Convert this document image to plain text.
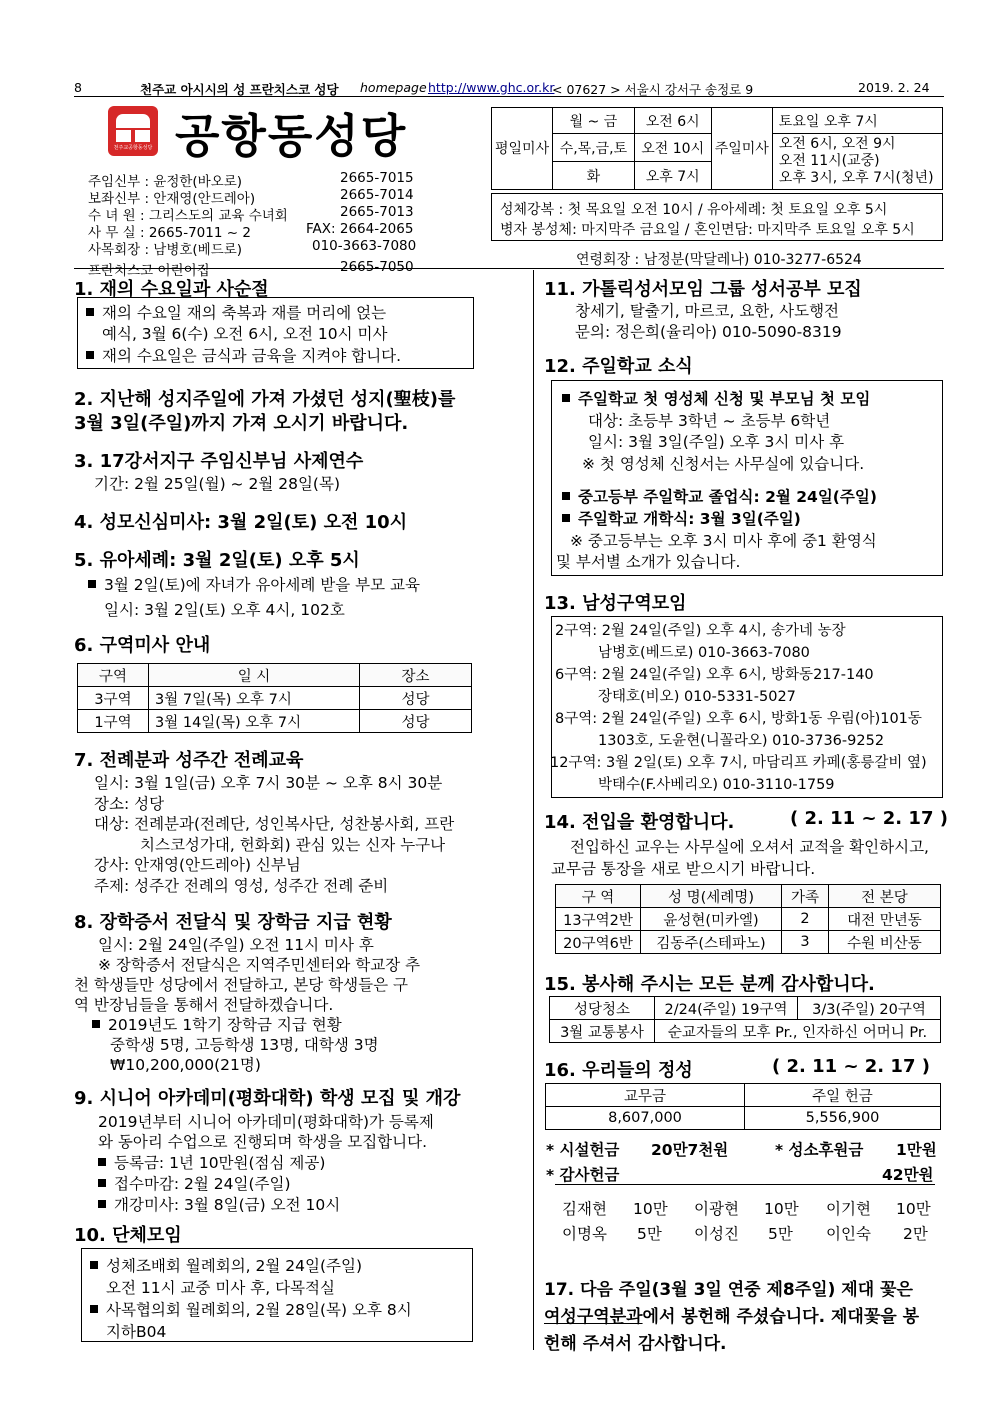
8	천주교 아시시의 성 프란치스코 성당 homepage http://www.ghc.or.kr
< 07627 > 서울시 강서구 송정로 9	2019. 2. 24
천주교공항동성당 공항동성당
주임신부 : 윤정한(바오로)	2665-7015
보좌신부 : 안재영(안드레아)	2665-7014
수 녀 원 : 그리스도의 교육 수녀회	2665-7013
사 무 실 : 2665-7011 ~ 2	FAX: 2664-2065
사목회장 : 남병호(베드로)	010-3663-7080
프란치스코 어린이집	2665-7050
평일미사	월 ~ 금	오전 6시	주일미사	토요일 오후 7시
	수,목,금,토	오전 10시		오전 6시, 오전 9시
오전 11시(교중)
오후 3시, 오후 7시(청년)

	화	오후 7시		
성체강복 : 첫 목요일 오전 10시 / 유아세례: 첫 토요일 오후 5시
병자 봉성체: 마지막주 금요일 / 혼인면담: 마지막주 토요일 오후 5시
연령회장 : 남정분(막달레나) 010-3277-6524
1. 재의 수요일과 사순절
재의 수요일 재의 축복과 재를 머리에 얹는
예식, 3월 6(수) 오전 6시, 오전 10시 미사
재의 수요일은 금식과 금육을 지켜야 합니다.
2. 지난해 성지주일에 가져 가셨던 성지(聖枝)를
3월 3일(주일)까지 가져 오시기 바랍니다.
3. 17강서지구 주임신부님 사제연수
기간: 2월 25일(월) ~ 2월 28일(목)
4. 성모신심미사: 3월 2일(토) 오전 10시
5. 유아세례: 3월 2일(토) 오후 5시
3월 2일(토)에 자녀가 유아세례 받을 부모 교육
일시: 3월 2일(토) 오후 4시, 102호
6. 구역미사 안내
구역	일 시	장소
3구역	3월 7일(목) 오후 7시	성당
1구역	3월 14일(목) 오후 7시	성당
7. 전례분과 성주간 전례교육
일시: 3월 1일(금) 오후 7시 30분 ~ 오후 8시 30분
장소: 성당
대상: 전례분과(전례단, 성인복사단, 성찬봉사회, 프란
치스코성가대, 헌화회) 관심 있는 신자 누구나
강사: 안재영(안드레아) 신부님
주제: 성주간 전례의 영성, 성주간 전례 준비
8. 장학증서 전달식 및 장학금 지급 현황
일시: 2월 24일(주일) 오전 11시 미사 후
※ 장학증서 전달식은 지역주민센터와 학교장 추
천 학생들만 성당에서 전달하고, 본당 학생들은 구
역 반장님들을 통해서 전달하겠습니다.
2019년도 1학기 장학금 지급 현황
중학생 5명, 고등학생 13명, 대학생 3명
₩10,200,000(21명)
9. 시니어 아카데미(평화대학) 학생 모집 및 개강
2019년부터 시니어 아카데미(평화대학)가 등록제
와 동아리 수업으로 진행되며 학생을 모집합니다.
등록금: 1년 10만원(점심 제공)
접수마감: 2월 24일(주일)
개강미사: 3월 8일(금) 오전 10시
10. 단체모임
성체조배회 월례회의, 2월 24일(주일)
오전 11시 교중 미사 후, 다목적실
사목협의회 월례회의, 2월 28일(목) 오후 8시
지하B04
11. 가톨릭성서모임 그룹 성서공부 모집
창세기, 탈출기, 마르코, 요한, 사도행전
문의: 정은희(율리아) 010-5090-8319
12. 주일학교 소식
주일학교 첫 영성체 신청 및 부모님 첫 모임
대상: 초등부 3학년 ~ 초등부 6학년
일시: 3월 3일(주일) 오후 3시 미사 후
※ 첫 영성체 신청서는 사무실에 있습니다.
중고등부 주일학교 졸업식: 2월 24일(주일)
주일학교 개학식: 3월 3일(주일)
※ 중고등부는 오후 3시 미사 후에 중1 환영식
및 부서별 소개가 있습니다.
13. 남성구역모임
2구역: 2월 24일(주일) 오후 4시, 송가네 농장
남병호(베드로) 010-3663-7080
6구역: 2월 24일(주일) 오후 6시, 방화동217-140
장태호(비오) 010-5331-5027
8구역: 2월 24일(주일) 오후 6시, 방화1동 우림(아)101동
1303호, 도윤현(니꼴라오) 010-3736-9252
12구역: 3월 2일(토) 오후 7시, 마담리프 카페(홍릉갈비 옆)
박태수(F.사베리오) 010-3110-1759
14. 전입을 환영합니다.	( 2. 11 ~ 2. 17 )
전입하신 교우는 사무실에 오셔서 교적을 확인하시고,
교무금 통장을 새로 받으시기 바랍니다.
구 역	성 명(세례명)	가족	전 본당
13구역2반	윤성현(미카엘)	2	대전 만년동
20구역6반	김동주(스테파노)	3	수원 비산동
15. 봉사해 주시는 모든 분께 감사합니다.
성당청소	2/24(주일) 19구역	3/3(주일) 20구역
3월 교통봉사	순교자들의 모후 Pr., 인자하신 어머니 Pr.	
16. 우리들의 정성	( 2. 11 ~ 2. 17 )
교무금	주일 헌금
8,607,000	5,556,900
* 시설헌금 20만7천원	* 성소후원금 1만원
* 감사헌금	42만원
김재현 10만 이광현 10만 이기현 10만
이명옥 5만 이성진 5만 이인숙 2만
17. 다음 주일(3월 3일 연중 제8주일) 제대 꽃은
여성구역분과에서 봉헌해 주셨습니다. 제대꽃을 봉
헌해 주셔서 감사합니다.
